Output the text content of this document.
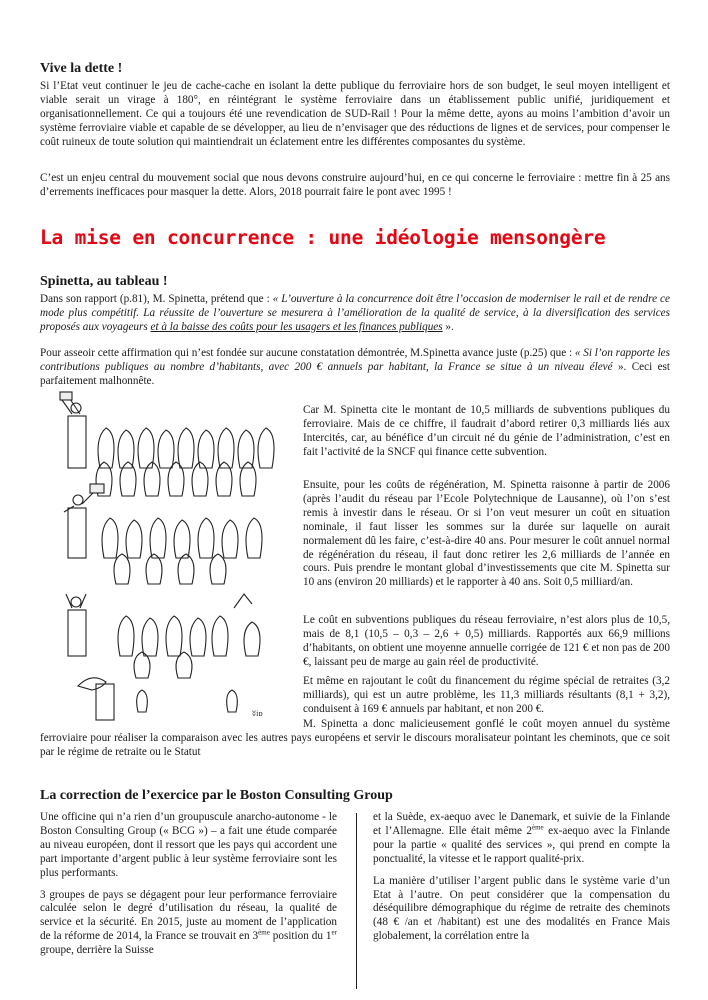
Vive la dette !

Si l’Etat veut continuer le jeu de cache-cache en isolant la dette publique du ferroviaire hors de son budget, le seul moyen intelligent et viable serait un virage à 180°, en réintégrant le système ferroviaire dans un établissement public unifié, juridiquement et organisationnellement. Ce qui a toujours été une revendication de SUD-Rail ! Pour la même dette, ayons au moins l’ambition d’avoir un système ferroviaire viable et capable de se développer, au lieu de n’envisager que des réductions de lignes et de services, pour compenser le coût ruineux de toute solution qui maintiendrait un éclatement entre les différentes composantes du système.

C’est un enjeu central du mouvement social que nous devons construire aujourd’hui, en ce qui concerne le ferroviaire : mettre fin à 25 ans d’errements inefficaces pour masquer la dette. Alors, 2018 pourrait faire le pont avec 1995 !

La mise en concurrence : une idéologie mensongère
Spinetta, au tableau !

Dans son rapport (p.81), M. Spinetta, prétend que : « L’ouverture à la concurrence doit être l’occasion de moderniser le rail et de rendre ce mode plus compétitif. La réussite de l’ouverture se mesurera à l’amélioration de la qualité de service, à la diversification des services proposés aux voyageurs et à la baisse des coûts pour les usagers et les finances publiques ».

Pour asseoir cette affirmation qui n’est fondée sur aucune constatation démontrée, M.Spinetta avance juste (p.25) que : « Si l’on rapporte les contributions publiques au nombre d’habitants, avec 200 € annuels par habitant, la France se situe à un niveau élevé ». Ceci est parfaitement malhonnête.

ʬiɒ

Car M. Spinetta cite le montant de 10,5 milliards de subventions publiques du ferroviaire. Mais de ce chiffre, il faudrait d’abord retirer 0,3 milliards liés aux Intercités, car, au bénéfice d’un circuit né du génie de l’administration, c’est en fait l’activité de la SNCF qui finance cette subvention.

Ensuite, pour les coûts de régénération, M. Spinetta raisonne à partir de 2006 (après l’audit du réseau par l’Ecole Polytechnique de Lausanne), où l’on s’est remis à investir dans le réseau. Or si l’on veut mesurer un coût en situation nominale, il faut lisser les sommes sur la durée sur laquelle on aurait normalement dû les faire, c’est-à-dire 40 ans. Pour mesurer le coût annuel normal de régénération du réseau, il faut donc retirer les 2,6 milliards de l’année en cours. Puis prendre le montant global d’investissements que cite M. Spinetta sur 10 ans (environ 20 milliards) et le rapporter à 40 ans. Soit 0,5 milliard/an.

Le coût en subventions publiques du réseau ferroviaire, n’est alors plus de 10,5, mais de 8,1 (10,5 – 0,3 – 2,6 + 0,5) milliards. Rapportés aux 66,9 millions d’habitants, on obtient une moyenne annuelle corrigée de 121 € et non pas de 200 €, laissant peu de marge au gain réel de productivité.

Et même en rajoutant le coût du financement du régime spécial de retraites (3,2 milliards), qui est un autre problème, les 11,3 milliards résultants (8,1 + 3,2), conduisent à 169 € annuels par habitant, et non 200 €.

M. Spinetta a donc malicieusement gonflé le coût moyen annuel du système ferroviaire pour réaliser la comparaison avec les autres pays européens et servir le discours moralisateur pointant les cheminots, que ce soit par le régime de retraite ou le Statut

La correction de l’exercice par le Boston Consulting Group

Une officine qui n’a rien d’un groupuscule anarcho-autonome - le Boston Consulting Group (« BCG ») – a fait une étude comparée au niveau européen, dont il ressort que les pays qui accordent une part importante d’argent public à leur système ferroviaire sont les plus performants.

3 groupes de pays se dégagent pour leur performance ferroviaire calculée selon le degré d’utilisation du réseau, la qualité de service et la sécurité. En 2015, juste au moment de l’application de la réforme de 2014, la France se trouvait en 3ème position du 1er groupe, derrière la Suisse

et la Suède, ex-aequo avec le Danemark, et suivie de la Finlande et l’Allemagne. Elle était même 2ème ex-aequo avec la Finlande pour la partie « qualité des services », qui prend en compte la ponctualité, la vitesse et le rapport qualité-prix.

La manière d’utiliser l’argent public dans le système varie d’un Etat à l’autre. On peut considérer que la compensation du déséquilibre démographique du régime de retraite des cheminots (48 € /an et /habitant) est une des modalités en France Mais globalement, la corrélation entre la
